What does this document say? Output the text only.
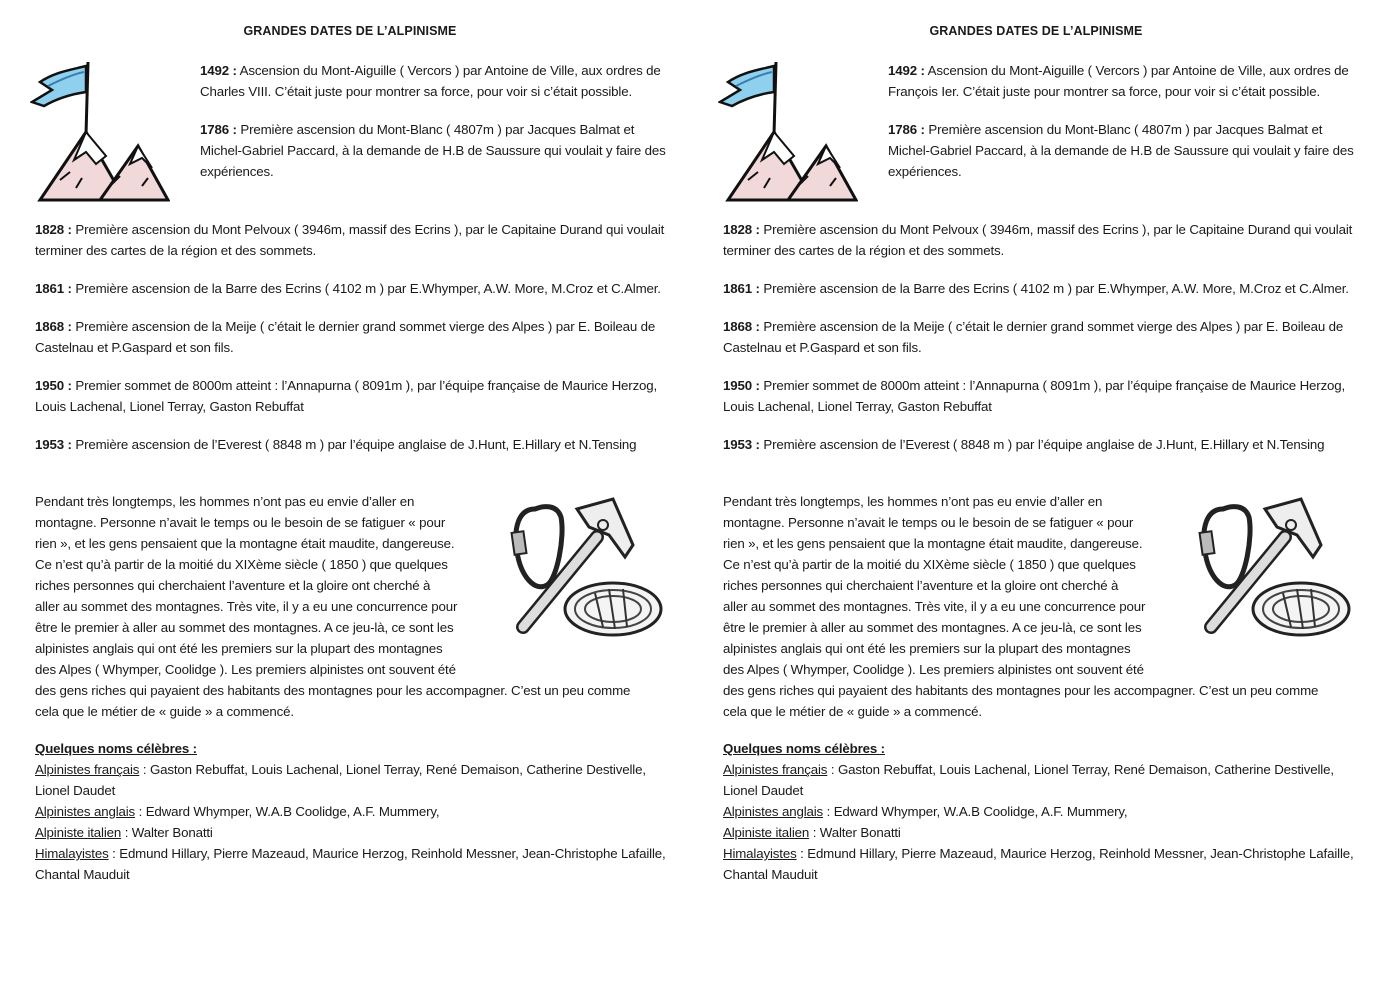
GRANDES DATES DE L’ALPINISME

1492 : Ascension du Mont-Aiguille ( Vercors ) par Antoine de Ville, aux ordres de Charles VIII. C’était juste pour montrer sa force, pour voir si c’était possible.

1786 : Première ascension du Mont-Blanc ( 4807m ) par Jacques Balmat et Michel-Gabriel Paccard, à la demande de H.B de Saussure qui voulait y faire des expériences.

1828 : Première ascension du Mont Pelvoux ( 3946m, massif des Ecrins ), par le Capitaine Durand qui voulait terminer des cartes de la région et des sommets.

1861 : Première ascension de la Barre des Ecrins ( 4102 m ) par E.Whymper, A.W. More, M.Croz et C.Almer.

1868 : Première ascension de la Meije ( c’était le dernier grand sommet vierge des Alpes ) par E. Boileau de Castelnau et P.Gaspard et son fils.

1950 : Premier sommet de 8000m atteint : l’Annapurna ( 8091m ), par l’équipe française de Maurice Herzog, Louis Lachenal, Lionel Terray, Gaston Rebuffat

1953 : Première ascension de l’Everest ( 8848 m ) par l’équipe anglaise de J.Hunt, E.Hillary et N.Tensing

Pendant très longtemps, les hommes n’ont pas eu envie d’aller en
montagne. Personne n’avait le temps ou le besoin de se fatiguer « pour
rien », et les gens pensaient que la montagne était maudite, dangereuse.
Ce n’est qu’à partir de la moitié du XIXème siècle ( 1850 ) que quelques
riches personnes qui cherchaient l’aventure et la gloire ont cherché à
aller au sommet des montagnes. Très vite, il y a eu une concurrence pour
être le premier à aller au sommet des montagnes. A ce jeu-là, ce sont les
alpinistes anglais qui ont été les premiers sur la plupart des montagnes
des Alpes ( Whymper, Coolidge ). Les premiers alpinistes ont souvent été
des gens riches qui payaient des habitants des montagnes pour les accompagner. C’est un peu comme
cela que le métier de « guide » a commencé.
Quelques noms célèbres :
Alpinistes français : Gaston Rebuffat, Louis Lachenal, Lionel Terray, René Demaison, Catherine Destivelle, Lionel Daudet
Alpinistes anglais : Edward Whymper, W.A.B Coolidge, A.F. Mummery,
Alpiniste italien : Walter Bonatti
Himalayistes : Edmund Hillary, Pierre Mazeaud, Maurice Herzog, Reinhold Messner, Jean-Christophe Lafaille, Chantal Mauduit
GRANDES DATES DE L’ALPINISME

1492 : Ascension du Mont-Aiguille ( Vercors ) par Antoine de Ville, aux ordres de François Ier. C’était juste pour montrer sa force, pour voir si c’était possible.

1786 : Première ascension du Mont-Blanc ( 4807m ) par Jacques Balmat et Michel-Gabriel Paccard, à la demande de H.B de Saussure qui voulait y faire des expériences.

1828 : Première ascension du Mont Pelvoux ( 3946m, massif des Ecrins ), par le Capitaine Durand qui voulait terminer des cartes de la région et des sommets.

1861 : Première ascension de la Barre des Ecrins ( 4102 m ) par E.Whymper, A.W. More, M.Croz et C.Almer.

1868 : Première ascension de la Meije ( c’était le dernier grand sommet vierge des Alpes ) par E. Boileau de Castelnau et P.Gaspard et son fils.

1950 : Premier sommet de 8000m atteint : l’Annapurna ( 8091m ), par l’équipe française de Maurice Herzog, Louis Lachenal, Lionel Terray, Gaston Rebuffat

1953 : Première ascension de l’Everest ( 8848 m ) par l’équipe anglaise de J.Hunt, E.Hillary et N.Tensing

Pendant très longtemps, les hommes n’ont pas eu envie d’aller en
montagne. Personne n’avait le temps ou le besoin de se fatiguer « pour
rien », et les gens pensaient que la montagne était maudite, dangereuse.
Ce n’est qu’à partir de la moitié du XIXème siècle ( 1850 ) que quelques
riches personnes qui cherchaient l’aventure et la gloire ont cherché à
aller au sommet des montagnes. Très vite, il y a eu une concurrence pour
être le premier à aller au sommet des montagnes. A ce jeu-là, ce sont les
alpinistes anglais qui ont été les premiers sur la plupart des montagnes
des Alpes ( Whymper, Coolidge ). Les premiers alpinistes ont souvent été
des gens riches qui payaient des habitants des montagnes pour les accompagner. C’est un peu comme
cela que le métier de « guide » a commencé.
Quelques noms célèbres :
Alpinistes français : Gaston Rebuffat, Louis Lachenal, Lionel Terray, René Demaison, Catherine Destivelle, Lionel Daudet
Alpinistes anglais : Edward Whymper, W.A.B Coolidge, A.F. Mummery,
Alpiniste italien : Walter Bonatti
Himalayistes : Edmund Hillary, Pierre Mazeaud, Maurice Herzog, Reinhold Messner, Jean-Christophe Lafaille, Chantal Mauduit
